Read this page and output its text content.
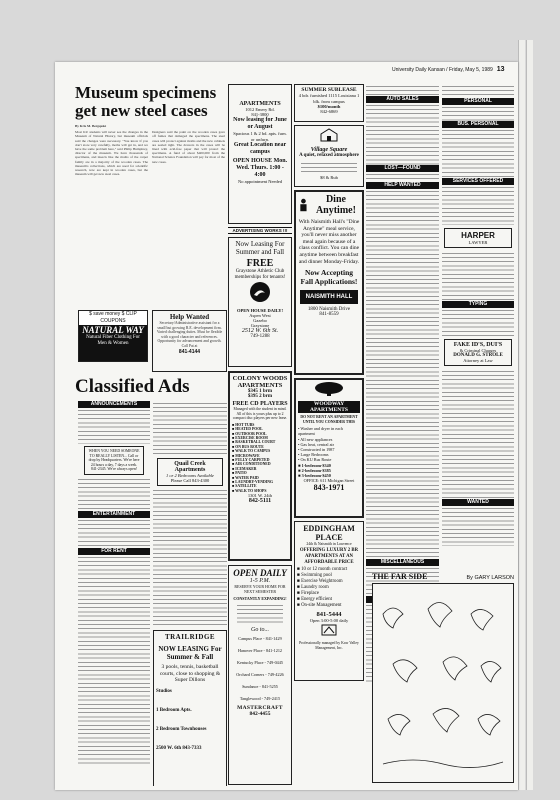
University Daily Kansan / Friday, May 5, 1989 13
Museum specimens get new steel cases
By Kris M. Bergquist
Most KU students will never see the changes in the Museum of Natural History, but museum officials said the changes were necessary. "You know if you don't store very carefully, moths will get in, and we have the same problem here," said Philip Humphrey, director of the museum. We have thousands of specimens, and insects like the moths of the carpet family are in a majority of the wooden cases. The museum's collections, which are used for scientific research, now are kept in wooden cases, but the museum will get new steel cases.
Designers said the paint on the wooden cases gave off fumes that damaged the specimens. The steel cases will protect against moths and the new cabinets are sealed tight. The drawers in the cases will be lined with acid-free paper that will protect the specimens. A fund of about $400,000 from the National Science Foundation will pay for most of the new cases.
$ save money $ CLIP COUPONS
NATURAL WAY
Natural Fiber Clothing For Men & Women
Help Wanted
Secretary/Administrative assistant for a small but growing R.E. development firm. Varied challenging duties. Must be flexible with a good character and references. Opportunity for advancement and growth. Call Pat at
841-4144
Classified Ads
ANNOUNCEMENTS
WHEN YOU NEED SOMEONE TO REALLY LISTEN... Call or drop by Headquarters. We're here 24 hours a day, 7 days a week. 841-2345. We're always open!
ENTERTAINMENT
FOR RENT
Quail Creek Apartments
1 or 2 Bedrooms Available
Please Call 843-4300
TRAILRIDGE
NOW LEASING For Summer & Fall
3 pools, tennis, basketball courts, close to shopping & Super Dillons
Studios
1 Bedroom Apts.
2 Bedroom Townhouses
2500 W. 6th 843-7333
APARTMENTS
1012 Emery Rd.
841-3800
Now leasing for June or August
Spacious 1 & 2 bd. apts. furn. or unfurn.
Great Location near campus
OPEN HOUSE Mon. Wed. Thurs. 1:00 - 4:00
No appointment Needed
ADVERTISING WORKS !!!
Now Leasing For Summer and Fall
FREE
Graystone Athletic Club memberships for tenants!
OPEN HOUSE DAILY!
Aspen West
Gazebo
Graystone
2512 W. 6th St.
749-1288
COLONY WOODS APARTMENTS
$345 1 brm
$395 2 brm
FREE CD PLAYERS
Managed with the student in mind. All of this is yours plus up to 2 compact disc players per new lease.
■ HOT TUBS
■ HEATED POOL
■ OUTDOOR POOL
■ EXERCISE ROOM
■ BASKETBALL COURT
■ ON BUS ROUTE
■ WALK TO CAMPUS
■ MICROWAVE
■ FULLY CARPETED
■ AIR CONDITIONED
■ ICEMAKER
■ PATIO
■ WATER PAID
■ LAUNDRY-VENDING
■ SATELLITE
■ WALK TO SHOPS
1301 W. 24th
842-5111
OPEN DAILY
1-5 P.M.
RESERVE YOUR HOME FOR NEXT SEMESTER
CONSTANTLY EXPANDING!
Go to...
Campus Place - 841-1429
Hanover Place - 841-1212
Kentucky Place - 749-0445
Orchard Corners - 749-4226
Sundance - 841-5255
Tanglewood - 749-2415
MASTERCRAFT
842-4455
SUMMER SUBLEASE
4 bdr. furnished 1115 Louisiana 1 blk. from campus
$100/month
842-6869
Village Square
A quiet, relaxed atmosphere
$8 & Rub
Dine Anytime!
With Naismith Hall's "Dine Anytime" meal service, you'll never miss another meal again because of a class conflict. You can dine anytime between breakfast and dinner Monday-Friday.
Now Accepting Fall Applications!
NAISMITH HALL
1800 Naismith Drive
841-8559
WOODWAY APARTMENTS
DO NOT RENT AN APARTMENT UNTIL YOU CONSIDER THIS
• Washer and dryer in each apartment
• All new appliances
• Gas heat, central air
• Constructed in 1987
• Large Bedrooms
• On KU Bus Route
■ 1-bedroom-$340
■ 2-bedroom-$385
■ 3-bedroom-$450
OFFICE: 611 Michigan Street
843-1971
EDDINGHAM PLACE
24th & Naismith in Lawrence
OFFERING LUXURY 2 BR APARTMENTS AT AN AFFORDABLE PRICE
■ 10 or 12 month contract
■ Swimming pool
■ Exercise Weightroom
■ Laundry room
■ Fireplace
■ Energy efficient
■ On-site Management
841-5444
Open 3:00-5:00 daily
Professionally managed by Kaw Valley Management, Inc.
AUTO SALES
LOST—FOUND
HELP WANTED
MISCELLANEOUS
PERSONAL
BUS. PERSONAL
SERVICES OFFERED
HARPER
LAWYER
TYPING
FAKE ID'S, DUI'S
& Criminal Charges
DONALD G. STROLE
Attorney at Law
WANTED
THE FAR SIDE	By GARY LARSON
